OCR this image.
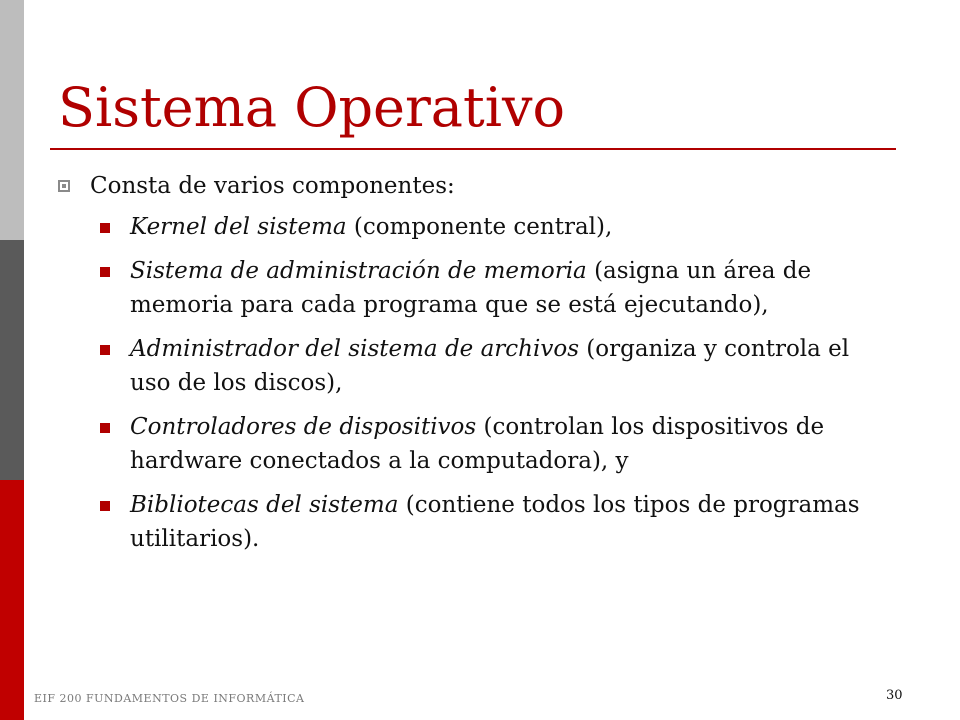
Sistema Operativo
Consta de varios componentes:
Kernel del sistema (componente central),
Sistema de administración de memoria (asigna un área de memoria para cada programa que se está ejecutando),
Administrador del sistema de archivos (organiza y controla el uso de los discos),
Controladores de dispositivos (controlan los dispositivos de hardware conectados a la computadora), y
Bibliotecas del sistema (contiene todos los tipos de programas utilitarios).
EIF 200 FUNDAMENTOS DE INFORMÁTICA	30
